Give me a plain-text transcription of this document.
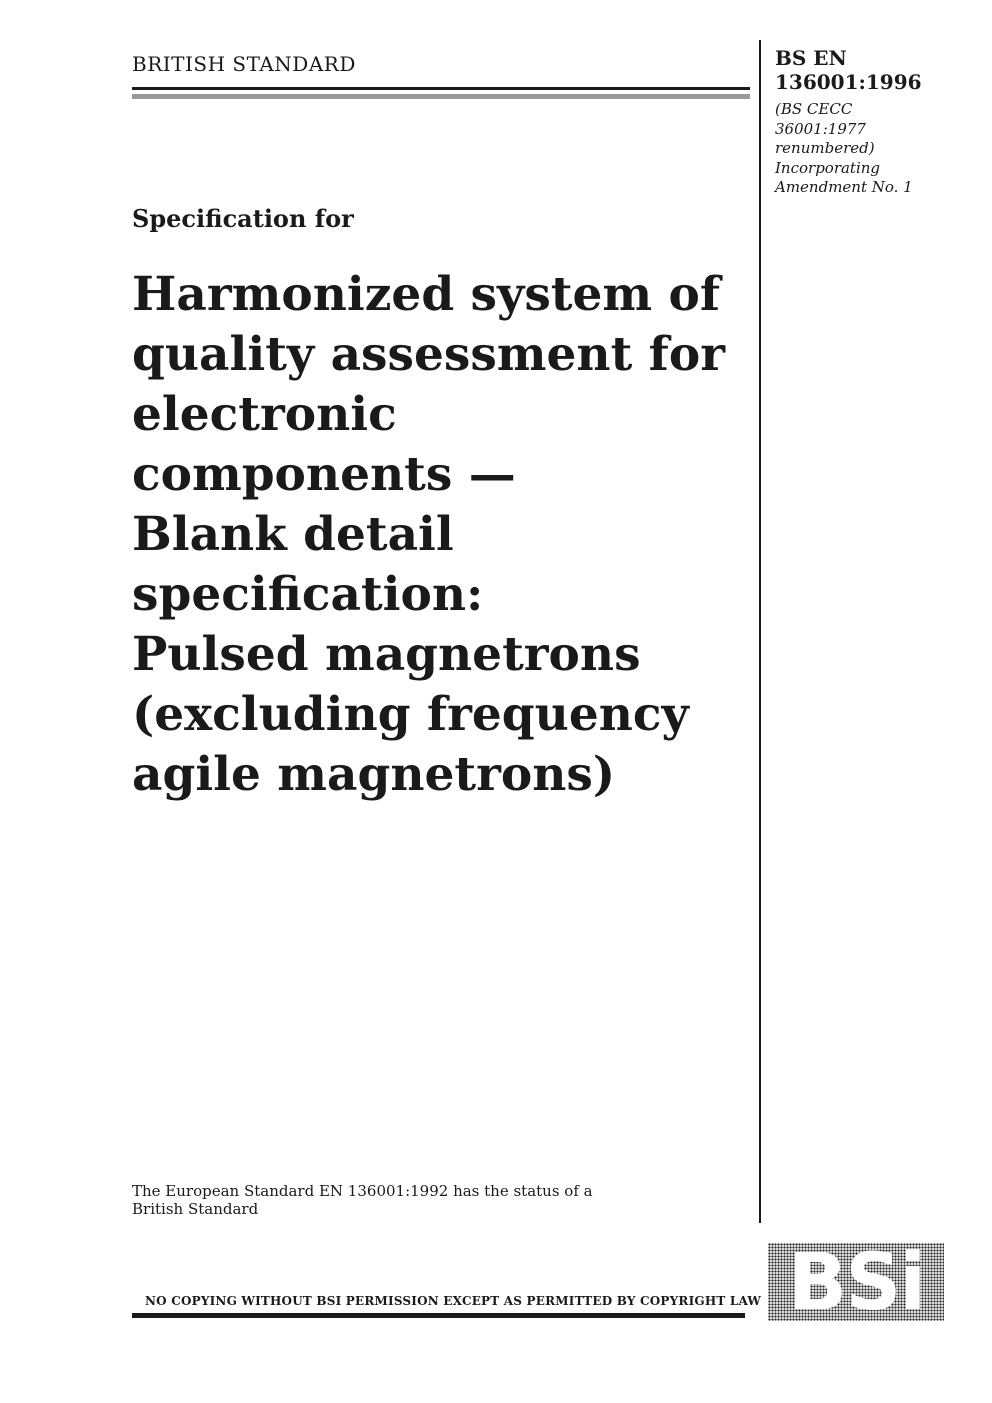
BRITISH STANDARD	BS EN
136001:1996
(BS CECC
36001:1977
renumbered)
Incorporating
Amendment No. 1
Specification for
Harmonized system of
quality assessment for
electronic
components —
Blank detail
specification:
Pulsed magnetrons
(excluding frequency
agile magnetrons)
The European Standard EN 136001:1992 has the status of a
British Standard
NO COPYING WITHOUT BSI PERMISSION EXCEPT AS PERMITTED BY COPYRIGHT LAW BSi
